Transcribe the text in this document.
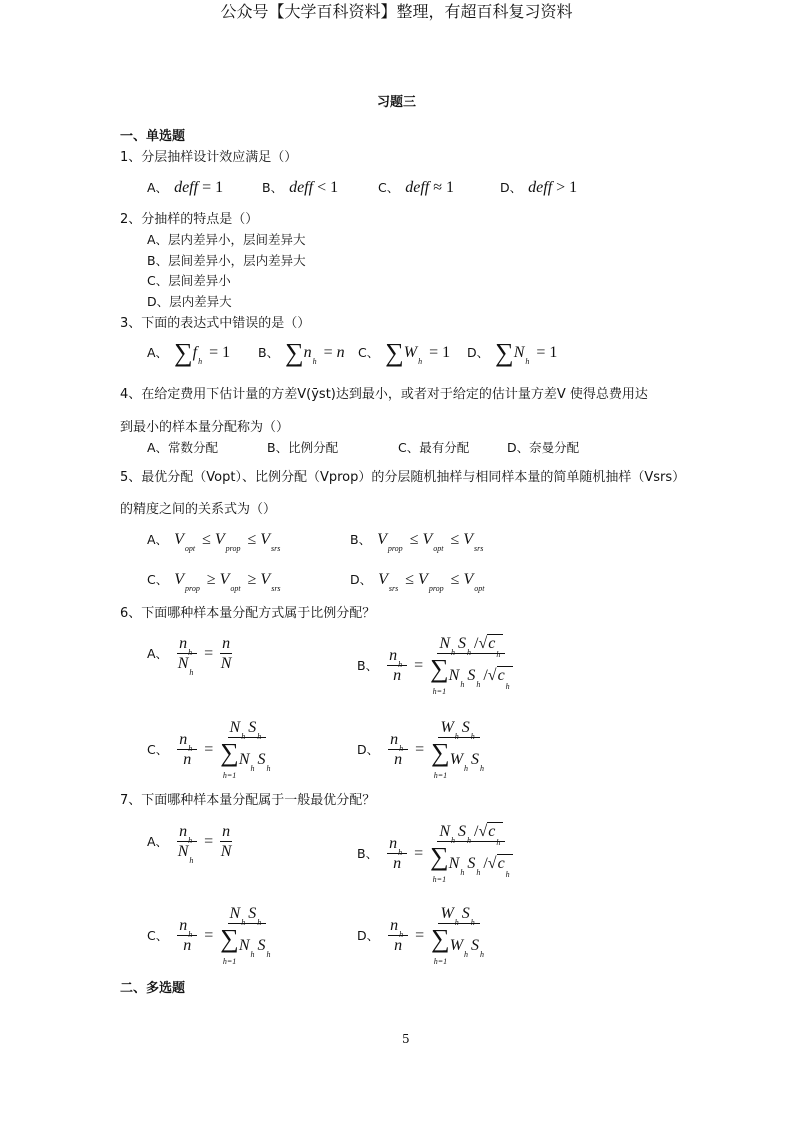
公众号【大学百科资料】整理，有超百科复习资料
习题三
一、单选题
二、多选题
5
1、分层抽样设计效应满足（）
A、 deff = 1	B、 deff < 1	C、 deff ≈ 1	D、 deff > 1
2、分抽样的特点是（）
A、层内差异小，层间差异大
B、层间差异小，层内差异大
C、层间差异小
D、层内差异大
3、下面的表达式中错误的是（）
A、 ∑ f
h
= 1 B、 ∑ n
h
= n C、 ∑ W
h
= 1 D、 ∑ N
h
= 1
4、在给定费用下估计量的方差V(ȳst)达到最小，或者对于给定的估计量方差V 使得总费用达
到最小的样本量分配称为（）
A、常数分配	B、比例分配	C、最有分配	D、奈曼分配
5、最优分配（Vopt）、比例分配（Vprop）的分层随机抽样与相同样本量的简单随机抽样（Vsrs）
的精度之间的关系式为（）
A、 V
opt
≤ V
prop
≤ V
srs
B、 V
prop
≤ V
opt
≤ V
srs
C、 V
prop
≥ V
opt
≥ V
srs
D、 V
srs
≤ V
prop
≤ V
opt
6、下面哪种样本量分配方式属于比例分配？
A、 n
h
N
$h = \frac{n}{N}$	B、 n
h
n = N
h
S
h
/ $√c_h$
∑
h=1
N
h
S
h
/ $√c_h$
C、 n
h
n = N
h
S
h
∑
h=1
N
h
S
h	D、 n
h
n = W
h
S
h
∑
h=1
W
h
S
h
7、下面哪种样本量分配属于一般最优分配？
A、 n
h
N
$h = \frac{n}{N}$	B、 n
h
n = N
h
S
h
/ $√c_h$
∑
h=1
N
h
S
h
/ $√c_h$
C、 n
h
n = N
h
S
h
∑
h=1
N
h
S
h	D、 n
h
n = W
h
S
h
∑
h=1
W
h
S
h
